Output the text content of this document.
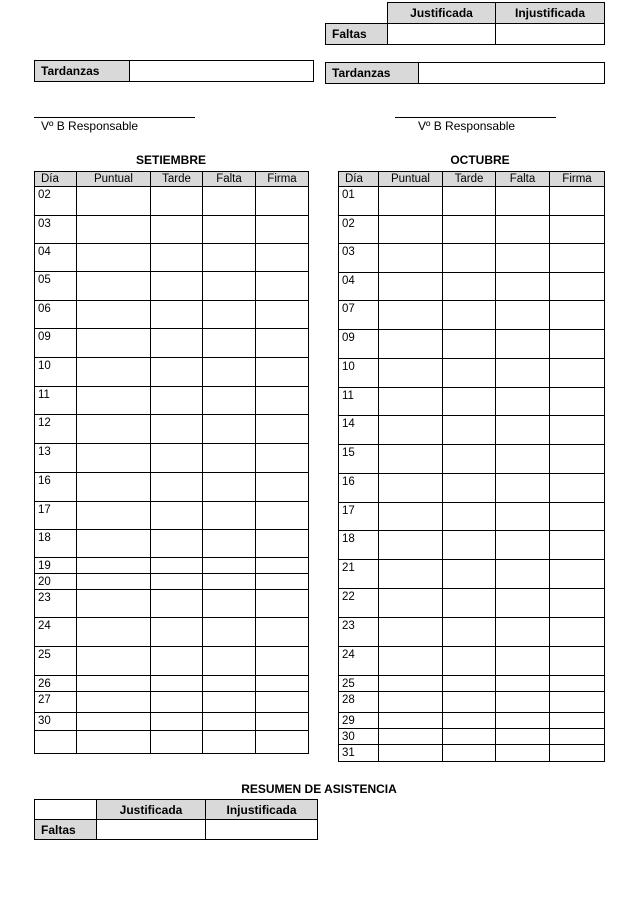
	Justificada	Injustificada
Faltas		
Tardanzas		Tardanzas	
Vº B Responsable	Vº B Responsable
SETIEMBRE	OCTUBRE
Día	Puntual	Tarde	Falta	Firma
02				
03				
04				
05				
06				
09				
10				
11				
12				
13				
16				
17				
18				
19				
20				
23				
24				
25				
26				
27				
30				

Día	Puntual	Tarde	Falta	Firma
01				
02				
03				
04				
07				
09				
10				
11				
14				
15				
16				
17				
18				
21				
22				
23				
24				
25				
28				
29				
30				
31				
RESUMEN DE ASISTENCIA
	Justificada	Injustificada
Faltas		
